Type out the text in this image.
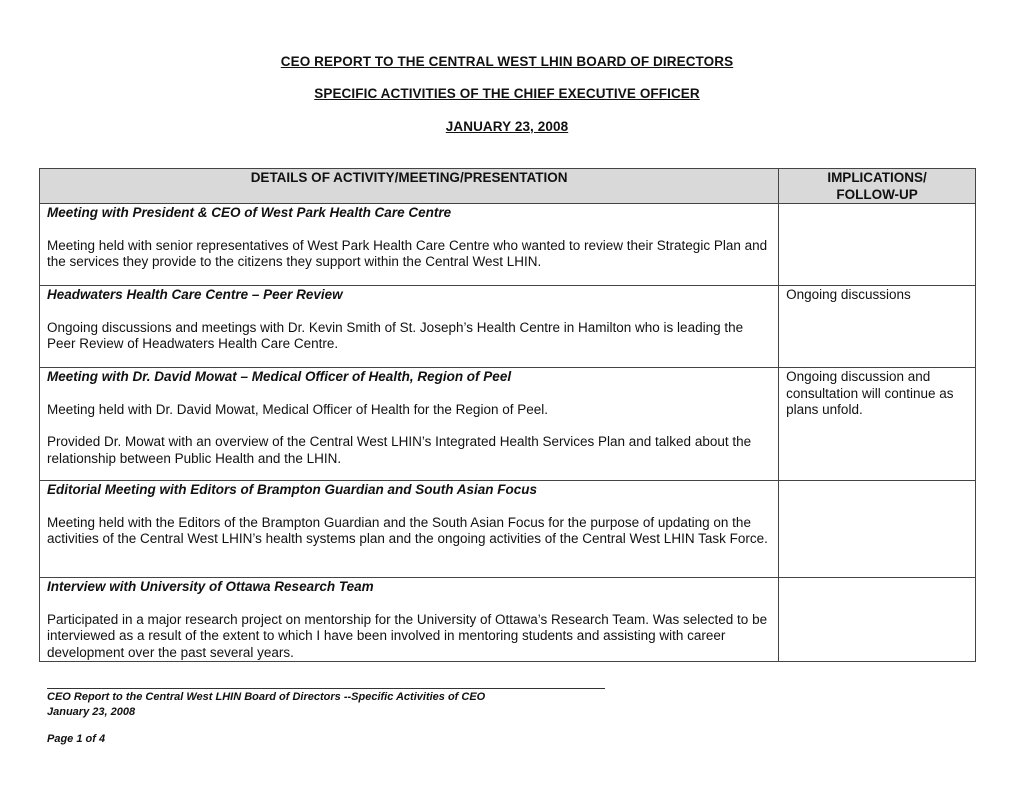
CEO REPORT TO THE CENTRAL WEST LHIN BOARD OF DIRECTORS
SPECIFIC ACTIVITIES OF THE CHIEF EXECUTIVE OFFICER
JANUARY 23, 2008
DETAILS OF ACTIVITY/MEETING/PRESENTATION	IMPLICATIONS/
FOLLOW-UP

Meeting with President & CEO of West Park Health Care Centre

Meeting held with senior representatives of West Park Health Care Centre who wanted to review their Strategic Plan and the services they provide to the citizens they support within the Central West LHIN.	

Headwaters Health Care Centre – Peer Review

Ongoing discussions and meetings with Dr. Kevin Smith of St. Joseph’s Health Centre in Hamilton who is leading the Peer Review of Headwaters Health Care Centre.	Ongoing discussions

Meeting with Dr. David Mowat – Medical Officer of Health, Region of Peel

Meeting held with Dr. David Mowat, Medical Officer of Health for the Region of Peel.

Provided Dr. Mowat with an overview of the Central West LHIN’s Integrated Health Services Plan and talked about the relationship between Public Health and the LHIN.	Ongoing discussion and consultation will continue as plans unfold.

Editorial Meeting with Editors of Brampton Guardian and South Asian Focus

Meeting held with the Editors of the Brampton Guardian and the South Asian Focus for the purpose of updating on the activities of the Central West LHIN’s health systems plan and the ongoing activities of the Central West LHIN Task Force.	

Interview with University of Ottawa Research Team

Participated in a major research project on mentorship for the University of Ottawa’s Research Team. Was selected to be interviewed as a result of the extent to which I have been involved in mentoring students and assisting with career development over the past several years.	

CEO Report to the Central West LHIN Board of Directors --Specific Activities of CEO
January 23, 2008
Page 1 of 4
